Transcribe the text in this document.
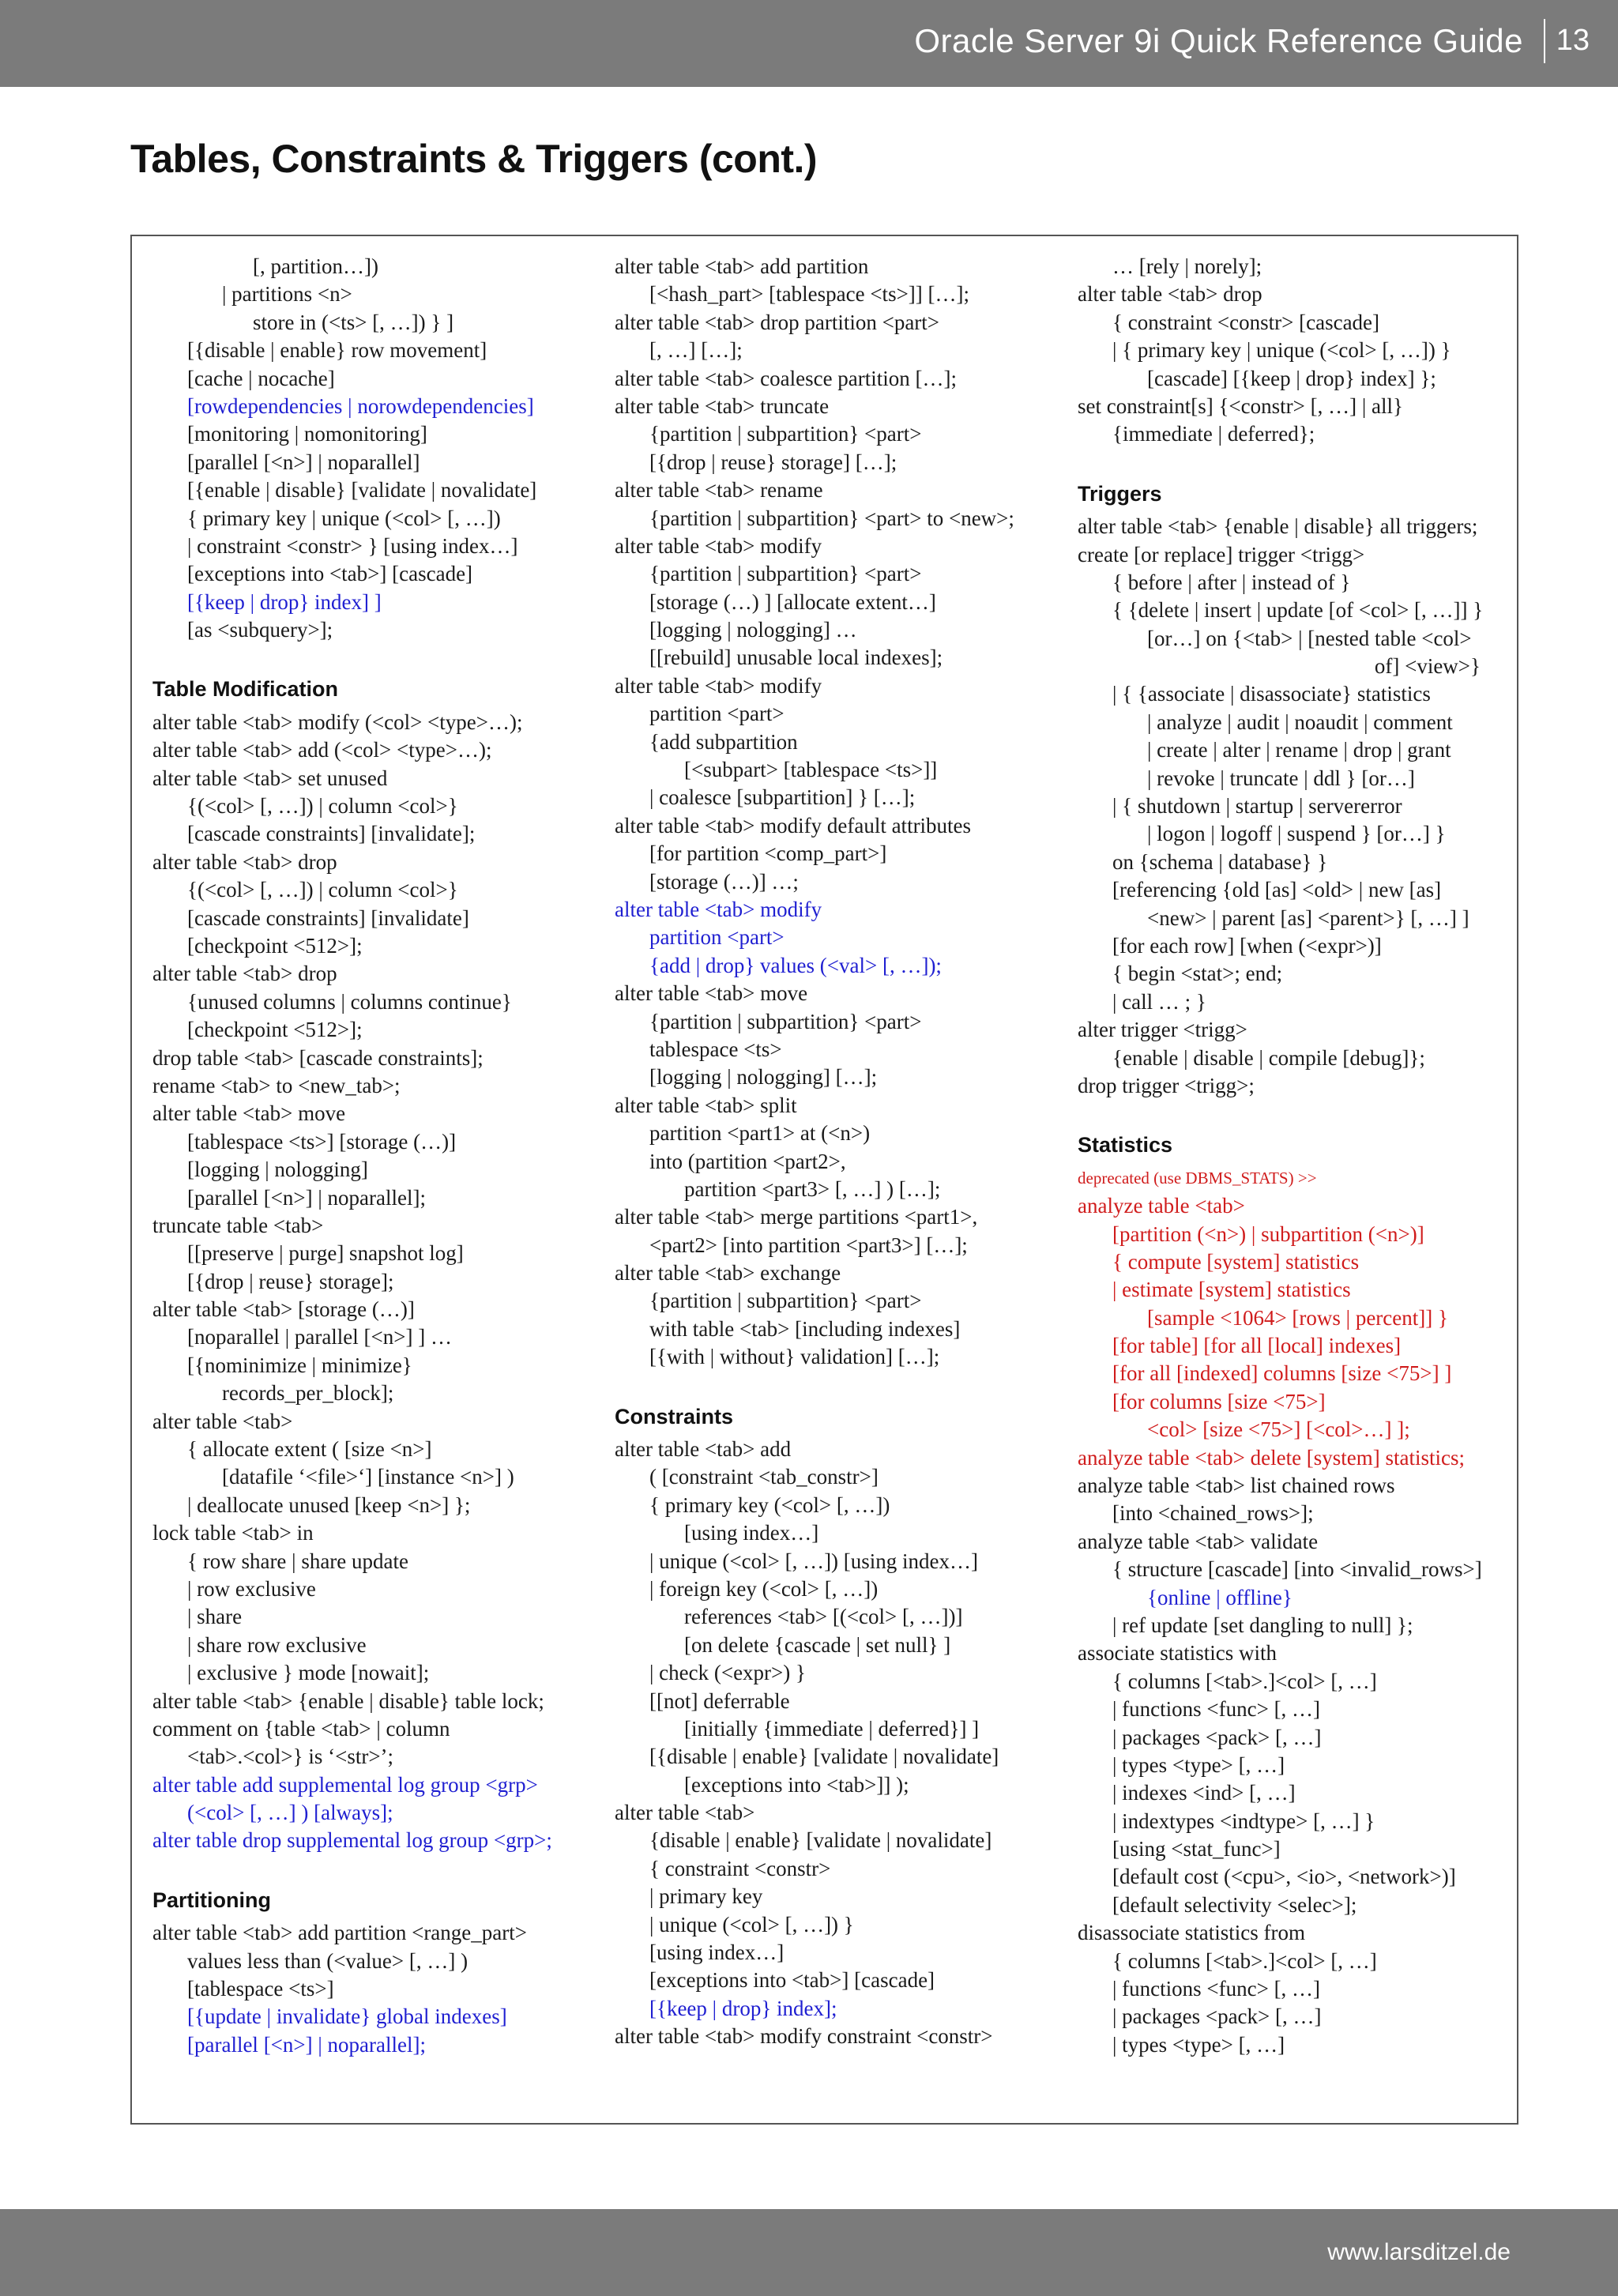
Oracle Server 9i Quick Reference Guide 13
Tables, Constraints & Triggers (cont.)
[, partition…])
| partitions <n>
store in (<ts> [, …]) } ]
[{disable | enable} row movement]
[cache | nocache]
[rowdependencies | norowdependencies]
[monitoring | nomonitoring]
[parallel [<n>] | noparallel]
[{enable | disable} [validate | novalidate]
{ primary key | unique (<col> [, …])
| constraint <constr> } [using index…]
[exceptions into <tab>] [cascade]
[{keep | drop} index] ]
[as <subquery>];
Table Modification
alter table <tab> modify (<col> <type>…);
alter table <tab> add (<col> <type>…);
alter table <tab> set unused
{(<col> [, …]) | column <col>}
[cascade constraints] [invalidate];
alter table <tab> drop
{(<col> [, …]) | column <col>}
[cascade constraints] [invalidate]
[checkpoint <512>];
alter table <tab> drop
{unused columns | columns continue}
[checkpoint <512>];
drop table <tab> [cascade constraints];
rename <tab> to <new_tab>;
alter table <tab> move
[tablespace <ts>] [storage (…)]
[logging | nologging]
[parallel [<n>] | noparallel];
truncate table <tab>
[[preserve | purge] snapshot log]
[{drop | reuse} storage];
alter table <tab> [storage (…)]
[noparallel | parallel [<n>] ] …
[{nominimize | minimize}
records_per_block];
alter table <tab>
{ allocate extent ( [size <n>]
[datafile ‘<file>‘] [instance <n>] )
| deallocate unused [keep <n>] };
lock table <tab> in
{ row share | share update
| row exclusive
| share
| share row exclusive
| exclusive } mode [nowait];
alter table <tab> {enable | disable} table lock;
comment on {table <tab> | column
<tab>.<col>} is ‘<str>’;
alter table add supplemental log group <grp>
(<col> [, …] ) [always];
alter table drop supplemental log group <grp>;
Partitioning
alter table <tab> add partition <range_part>
values less than (<value> [, …] )
[tablespace <ts>]
[{update | invalidate} global indexes]
[parallel [<n>] | noparallel];
alter table <tab> add partition
[<hash_part> [tablespace <ts>]] […];
alter table <tab> drop partition <part>
[, …] […];
alter table <tab> coalesce partition […];
alter table <tab> truncate
{partition | subpartition} <part>
[{drop | reuse} storage] […];
alter table <tab> rename
{partition | subpartition} <part> to <new>;
alter table <tab> modify
{partition | subpartition} <part>
[storage (…) ] [allocate extent…]
[logging | nologging] …
[[rebuild] unusable local indexes];
alter table <tab> modify
partition <part>
{add subpartition
[<subpart> [tablespace <ts>]]
| coalesce [subpartition] } […];
alter table <tab> modify default attributes
[for partition <comp_part>]
[storage (…)] …;
alter table <tab> modify
partition <part>
{add | drop} values (<val> [, …]);
alter table <tab> move
{partition | subpartition} <part>
tablespace <ts>
[logging | nologging] […];
alter table <tab> split
partition <part1> at (<n>)
into (partition <part2>,
partition <part3> [, …] ) […];
alter table <tab> merge partitions <part1>,
<part2> [into partition <part3>] […];
alter table <tab> exchange
{partition | subpartition} <part>
with table <tab> [including indexes]
[{with | without} validation] […];
Constraints
alter table <tab> add
( [constraint <tab_constr>]
{ primary key (<col> [, …])
[using index…]
| unique (<col> [, …]) [using index…]
| foreign key (<col> [, …])
references <tab> [(<col> [, …])]
[on delete {cascade | set null} ]
| check (<expr>) }
[[not] deferrable
[initially {immediate | deferred}] ]
[{disable | enable} [validate | novalidate]
[exceptions into <tab>]] );
alter table <tab>
{disable | enable} [validate | novalidate]
{ constraint <constr>
| primary key
| unique (<col> [, …]) }
[using index…]
[exceptions into <tab>] [cascade]
[{keep | drop} index];
alter table <tab> modify constraint <constr>
… [rely | norely];
alter table <tab> drop
{ constraint <constr> [cascade]
| { primary key | unique (<col> [, …]) }
[cascade] [{keep | drop} index] };
set constraint[s] {<constr> [, …] | all}
{immediate | deferred};
Triggers
alter table <tab> {enable | disable} all triggers;
create [or replace] trigger <trigg>
{ before | after | instead of }
{ {delete | insert | update [of <col> [, …]] }
[or…] on {<tab> | [nested table <col>
of] <view>}
| { {associate | disassociate} statistics
| analyze | audit | noaudit | comment
| create | alter | rename | drop | grant
| revoke | truncate | ddl } [or…]
| { shutdown | startup | servererror
| logon | logoff | suspend } [or…] }
on {schema | database} }
[referencing {old [as] <old> | new [as]
<new> | parent [as] <parent>} [, …] ]
[for each row] [when (<expr>)]
{ begin <stat>; end;
| call … ; }
alter trigger <trigg>
{enable | disable | compile [debug]};
drop trigger <trigg>;
Statistics
deprecated (use DBMS_STATS) >>
analyze table <tab>
[partition (<n>) | subpartition (<n>)]
{ compute [system] statistics
| estimate [system] statistics
[sample <1064> [rows | percent]] }
[for table] [for all [local] indexes]
[for all [indexed] columns [size <75>] ]
[for columns [size <75>]
<col> [size <75>] [<col>…] ];
analyze table <tab> delete [system] statistics;
analyze table <tab> list chained rows
[into <chained_rows>];
analyze table <tab> validate
{ structure [cascade] [into <invalid_rows>]
{online | offline}
| ref update [set dangling to null] };
associate statistics with
{ columns [<tab>.]<col> [, …]
| functions <func> [, …]
| packages <pack> [, …]
| types <type> [, …]
| indexes <ind> [, …]
| indextypes <indtype> [, …] }
[using <stat_func>]
[default cost (<cpu>, <io>, <network>)]
[default selectivity <selec>];
disassociate statistics from
{ columns [<tab>.]<col> [, …]
| functions <func> [, …]
| packages <pack> [, …]
| types <type> [, …]
www.larsditzel.de
